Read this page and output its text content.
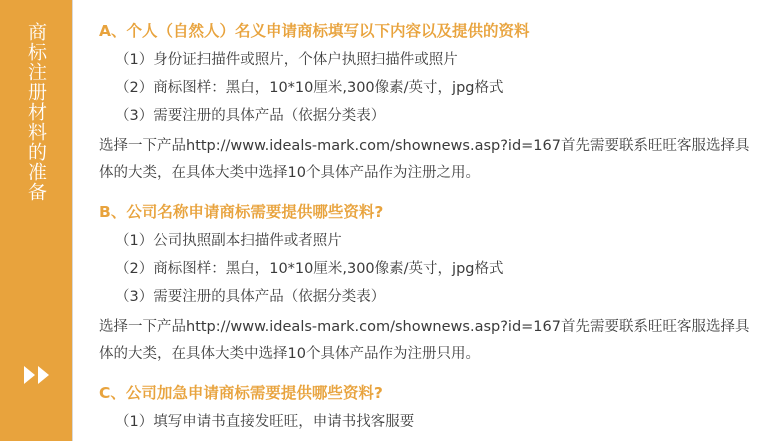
商标注册材料的准备	A、个人（自然人）名义申请商标填写以下内容以及提供的资料
（1）身份证扫描件或照片，个体户执照扫描件或照片
（2）商标图样：黑白，10*10厘米,300像素/英寸，jpg格式
（3）需要注册的具体产品（依据分类表）
选择一下产品http://www.ideals-mark.com/shownews.asp?id=167首先需要联系旺旺客服选择具体的大类，在具体大类中选择10个具体产品作为注册之用。
B、公司名称申请商标需要提供哪些资料?
（1）公司执照副本扫描件或者照片
（2）商标图样：黑白，10*10厘米,300像素/英寸，jpg格式
（3）需要注册的具体产品（依据分类表）
选择一下产品http://www.ideals-mark.com/shownews.asp?id=167首先需要联系旺旺客服选择具体的大类，在具体大类中选择10个具体产品作为注册只用。
C、公司加急申请商标需要提供哪些资料?
（1）填写申请书直接发旺旺，申请书找客服要
